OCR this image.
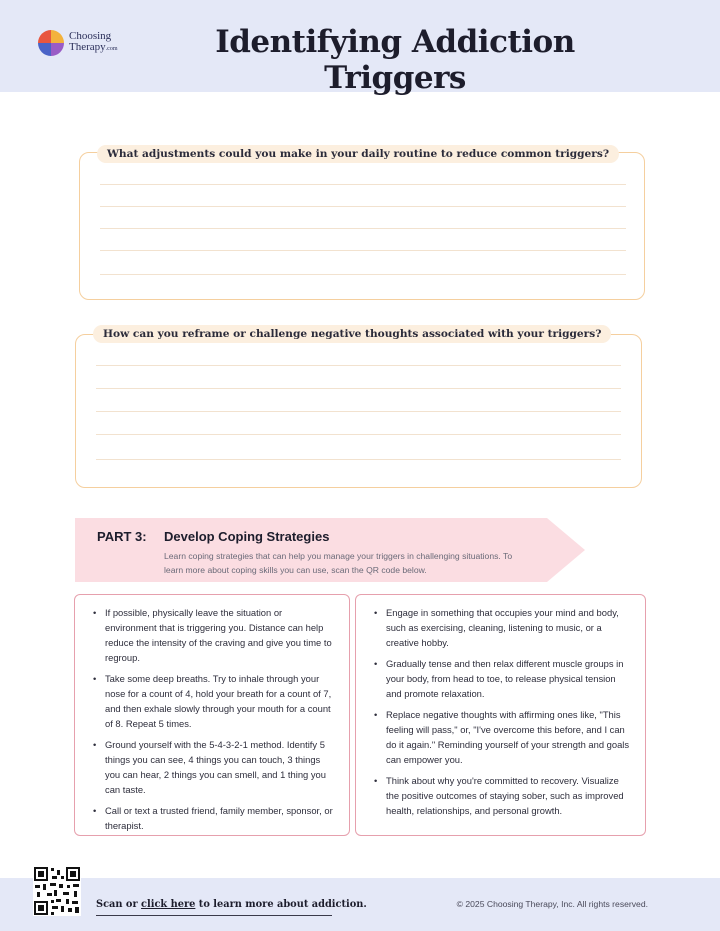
Choosing
Therapy.com	Identifying Addiction Triggers
What adjustments could you make in your daily routine to reduce common triggers?
How can you reframe or challenge negative thoughts associated with your triggers?
PART 3: Develop Coping Strategies
Learn coping strategies that can help you manage your triggers in challenging situations. To learn more about coping skills you can use, scan the QR code below.
• If possible, physically leave the situation or environment that is triggering you. Distance can help reduce the intensity of the craving and give you time to regroup.
• Take some deep breaths. Try to inhale through your nose for a count of 4, hold your breath for a count of 7, and then exhale slowly through your mouth for a count of 8. Repeat 5 times.
• Ground yourself with the 5-4-3-2-1 method. Identify 5 things you can see, 4 things you can touch, 3 things you can hear, 2 things you can smell, and 1 thing you can taste.
• Call or text a trusted friend, family member, sponsor, or therapist.
• Engage in something that occupies your mind and body, such as exercising, cleaning, listening to music, or a creative hobby.
• Gradually tense and then relax different muscle groups in your body, from head to toe, to release physical tension and promote relaxation.
• Replace negative thoughts with affirming ones like, "This feeling will pass," or, "I've overcome this before, and I can do it again." Reminding yourself of your strength and goals can empower you.
• Think about why you're committed to recovery. Visualize the positive outcomes of staying sober, such as improved health, relationships, and personal growth.
Scan or click here to learn more about addiction.	© 2025 Choosing Therapy, Inc. All rights reserved.
